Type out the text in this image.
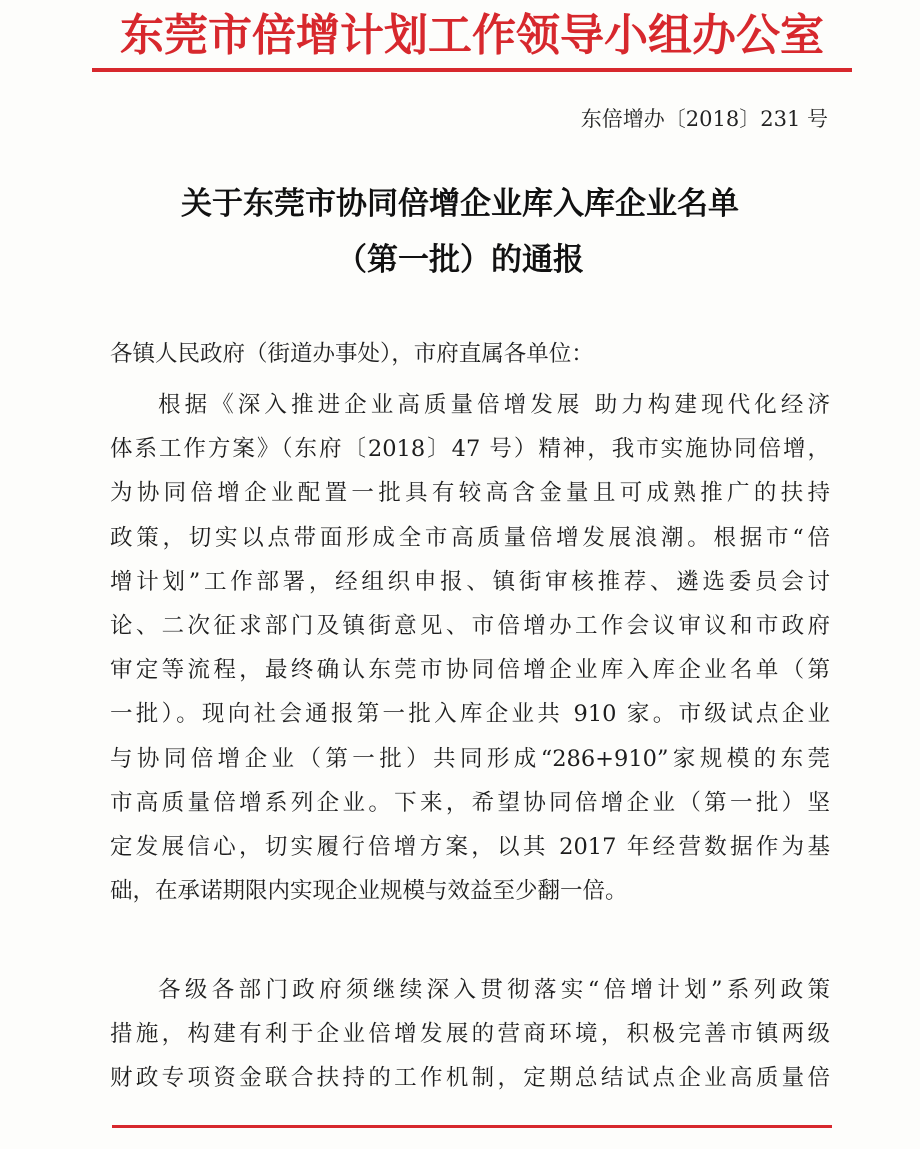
东莞市倍增计划工作领导小组办公室
东倍增办〔2018〕231 号
关于东莞市协同倍增企业库入库企业名单
（第一批）的通报
各镇人民政府（街道办事处），市府直属各单位：
根据《深入推进企业高质量倍增发展 助力构建现代化经济
体系工作方案》（东府〔2018〕47 号）精神，我市实施协同倍增，
为协同倍增企业配置一批具有较高含金量且可成熟推广的扶持
政策，切实以点带面形成全市高质量倍增发展浪潮。根据市“倍
增计划”工作部署，经组织申报、镇街审核推荐、遴选委员会讨
论、二次征求部门及镇街意见、市倍增办工作会议审议和市政府
审定等流程，最终确认东莞市协同倍增企业库入库企业名单（第
一批）。现向社会通报第一批入库企业共 910 家。市级试点企业
与协同倍增企业（第一批）共同形成“286+910”家规模的东莞
市高质量倍增系列企业。下来，希望协同倍增企业（第一批）坚
定发展信心，切实履行倍增方案，以其 2017 年经营数据作为基
础，在承诺期限内实现企业规模与效益至少翻一倍。
各级各部门政府须继续深入贯彻落实“倍增计划”系列政策
措施，构建有利于企业倍增发展的营商环境，积极完善市镇两级
财政专项资金联合扶持的工作机制，定期总结试点企业高质量倍
